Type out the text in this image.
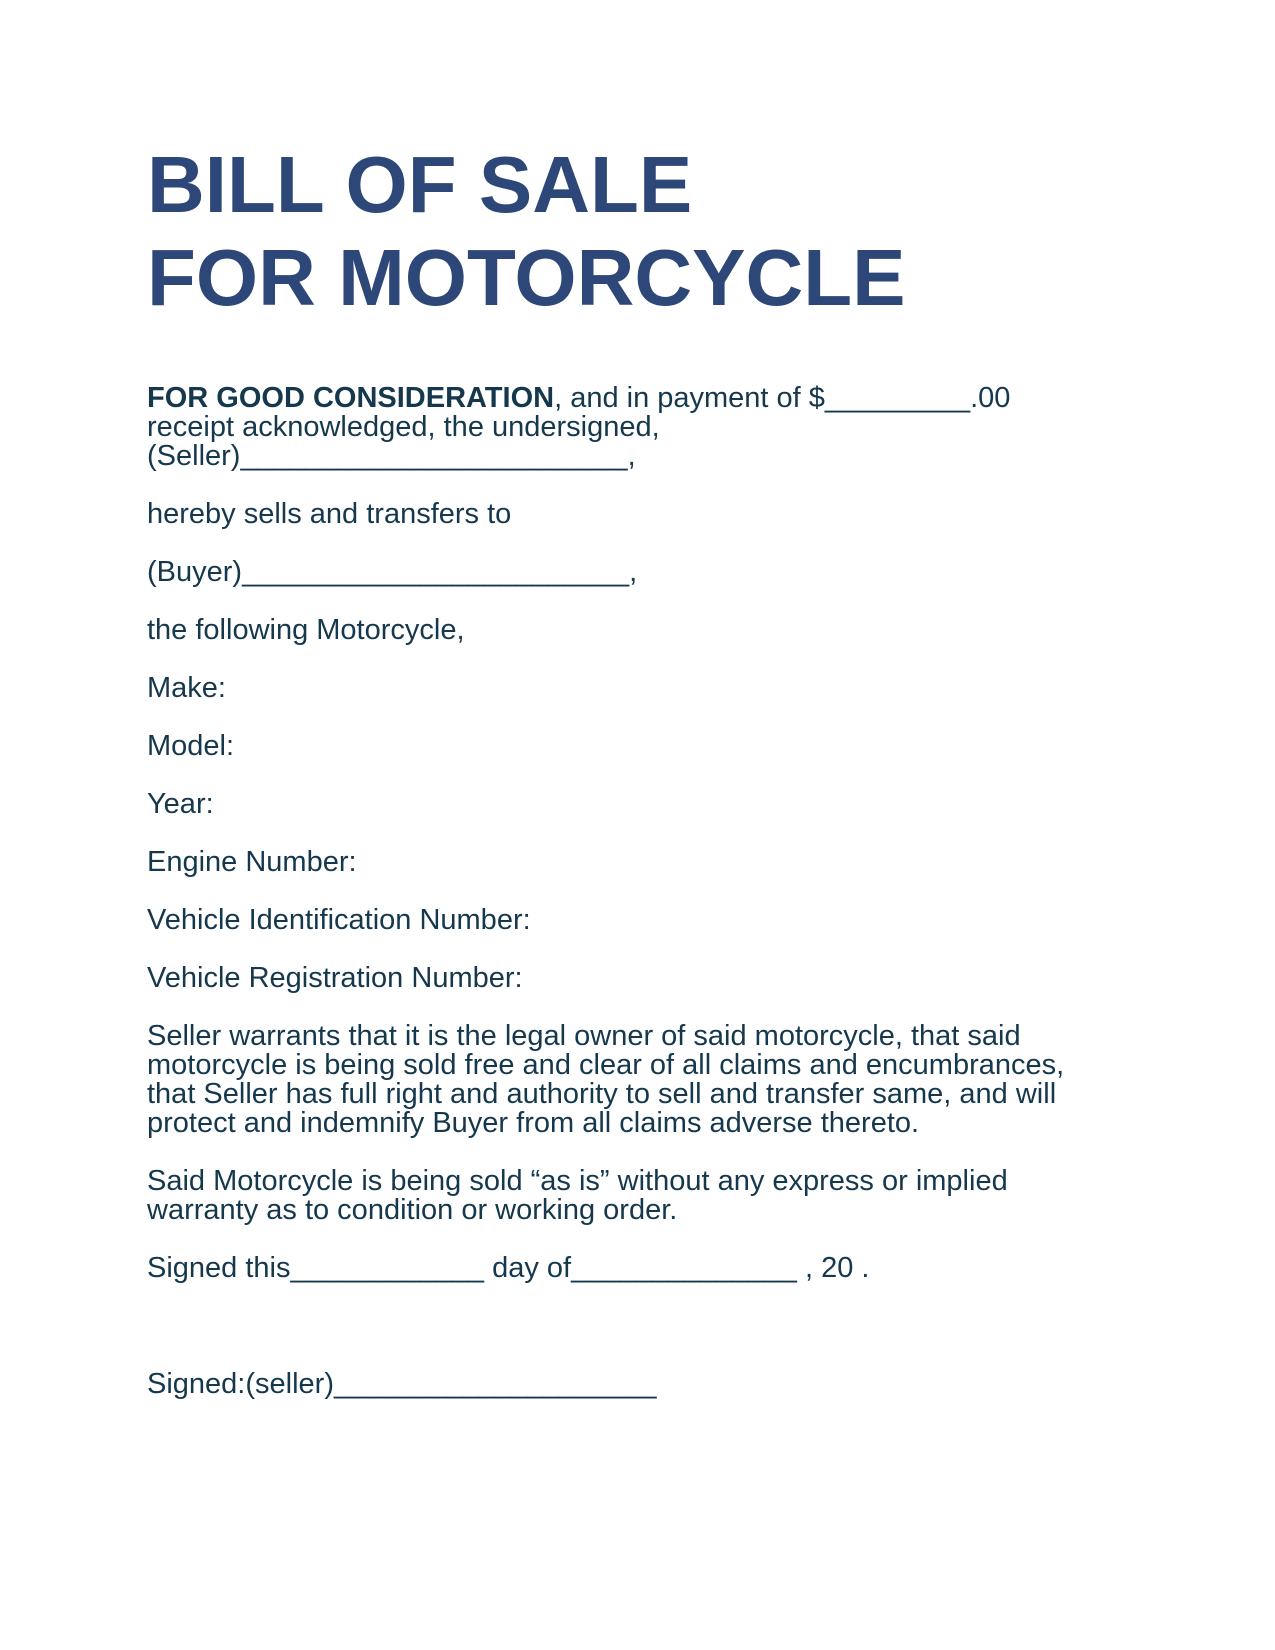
BILL OF SALE
FOR MOTORCYCLE

FOR GOOD CONSIDERATION, and in payment of $_________.00 receipt acknowledged, the undersigned,
(Seller)________________________,

hereby sells and transfers to

(Buyer)________________________,

the following Motorcycle,

Make:

Model:

Year:

Engine Number:

Vehicle Identification Number:

Vehicle Registration Number:

Seller warrants that it is the legal owner of said motorcycle, that said motorcycle is being sold free and clear of all claims and encumbrances, that Seller has full right and authority to sell and transfer same, and will protect and indemnify Buyer from all claims adverse thereto.

Said Motorcycle is being sold “as is” without any express or implied warranty as to condition or working order.

Signed this____________ day of______________ , 20 .

Signed:(seller)____________________
